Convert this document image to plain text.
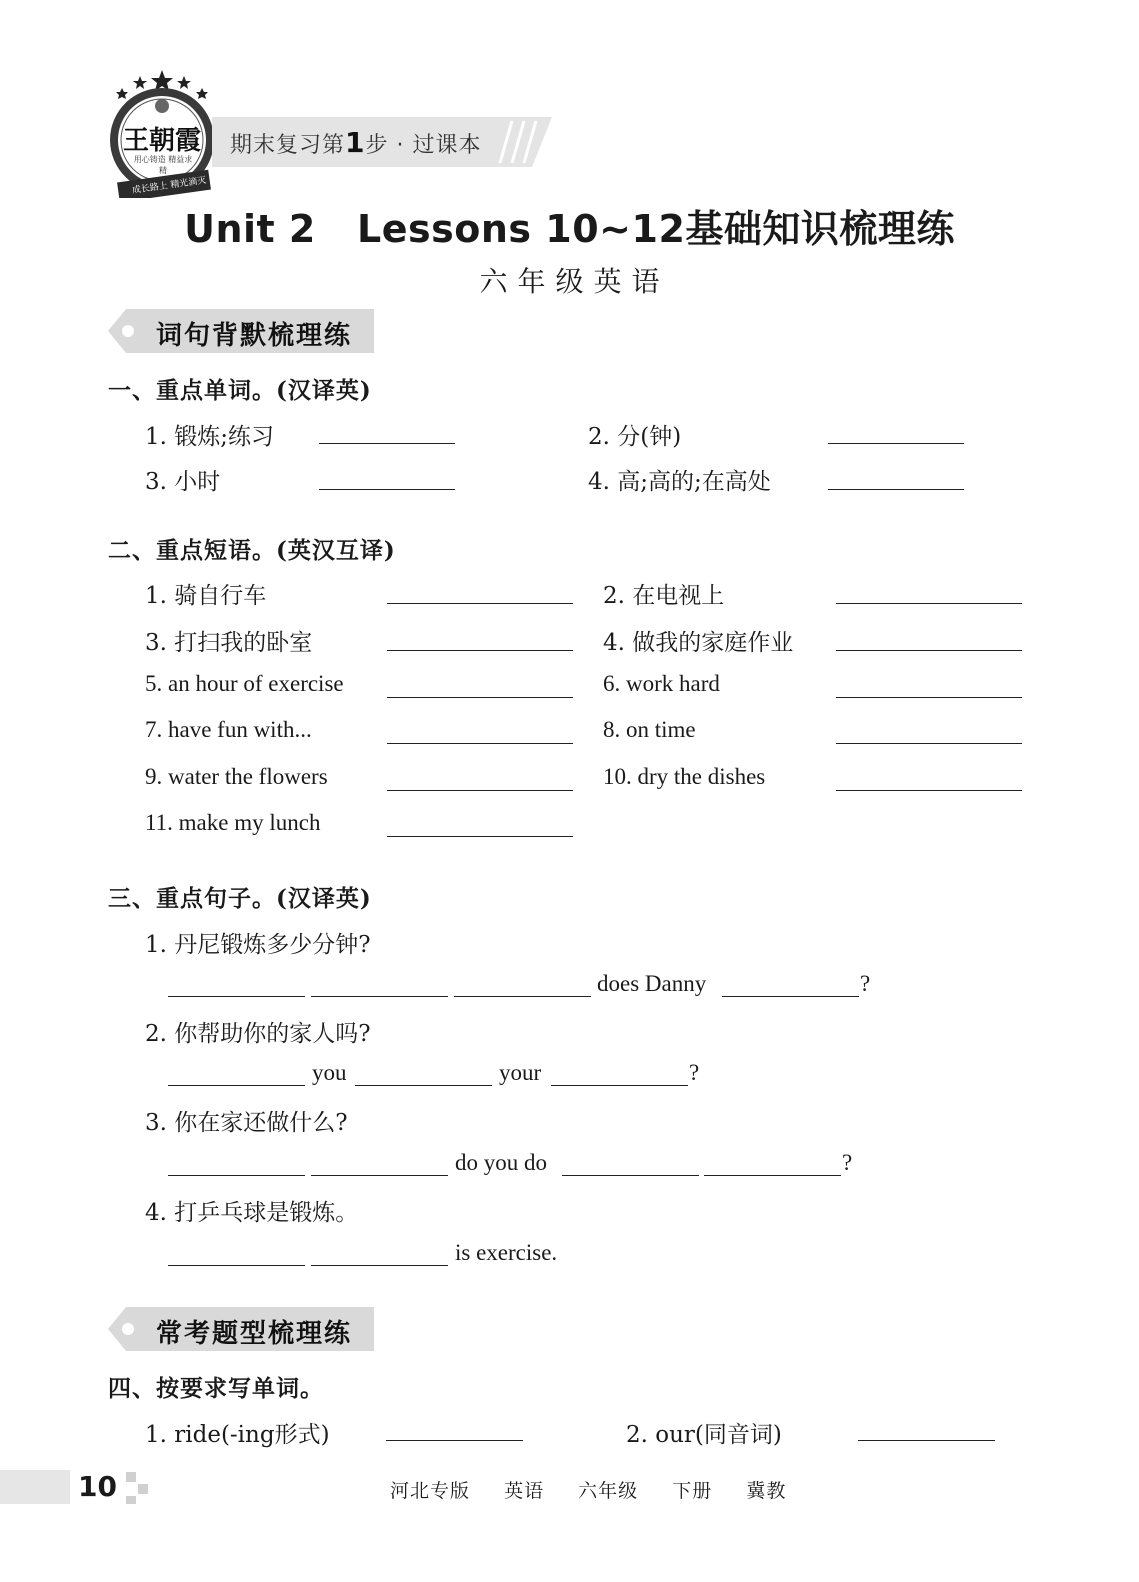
王朝霞
用心铸造 精益求精
成长路上 精光滴灭
期末复习第1步 · 过课本
Unit 2   Lessons 10~12基础知识梳理练
六年级英语
词句背默梳理练
一、重点单词。(汉译英)
1. 锻炼;练习	2. 分(钟)
3. 小时	4. 高;高的;在高处
二、重点短语。(英汉互译)
1. 骑自行车	2. 在电视上
3. 打扫我的卧室	4. 做我的家庭作业
5. an hour of exercise	6. work hard
7. have fun with...	8. on time
9. water the flowers	10. dry the dishes
11. make my lunch
三、重点句子。(汉译英)
1. 丹尼锻炼多少分钟?
does Danny	?
2. 你帮助你的家人吗?
you	your	?
3. 你在家还做什么?
do you do	?
4. 打乒乓球是锻炼。
is exercise.
常考题型梳理练
四、按要求写单词。
1. ride(-ing形式)	2. our(同音词)
10	河北专版  英语  六年级  下册  冀教
